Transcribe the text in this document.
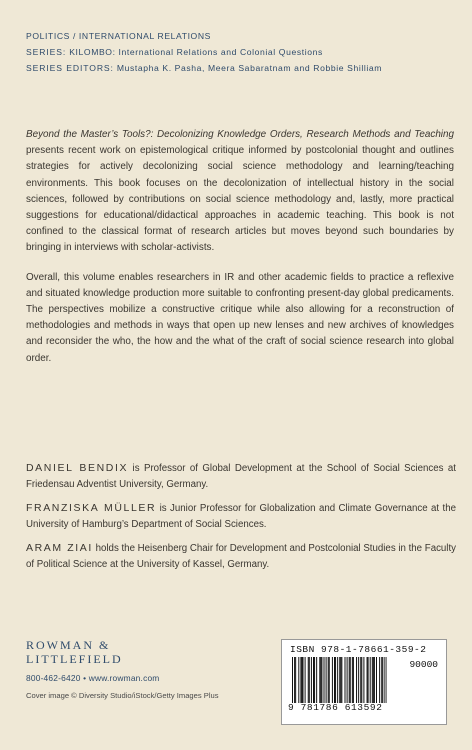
POLITICS / INTERNATIONAL RELATIONS
SERIES: KILOMBO: International Relations and Colonial Questions
SERIES EDITORS: Mustapha K. Pasha, Meera Sabaratnam and Robbie Shilliam

Beyond the Master’s Tools?: Decolonizing Knowledge Orders, Research Methods and Teaching presents recent work on epistemological critique informed by postcolonial thought and outlines strategies for actively decolonizing social science methodology and learning/teaching environments. This book focuses on the decolonization of intellectual history in the social sciences, followed by contributions on social science methodology and, lastly, more practical suggestions for educational/didactical approaches in academic teaching. This book is not confined to the classical format of research articles but moves beyond such boundaries by bringing in interviews with scholar-activists.

Overall, this volume enables researchers in IR and other academic fields to practice a reflexive and situated knowledge production more suitable to confronting present-day global predicaments. The perspectives mobilize a constructive critique while also allowing for a reconstruction of methodologies and methods in ways that open up new lenses and new archives of knowledges and reconsider the who, the how and the what of the craft of social science research into global order.

DANIEL BENDIX is Professor of Global Development at the School of Social Sciences at Friedensau Adventist University, Germany.
FRANZISKA MÜLLER is Junior Professor for Globalization and Climate Governance at the University of Hamburg’s Department of Social Sciences.
ARAM ZIAI holds the Heisenberg Chair for Development and Postcolonial Studies in the Faculty of Political Science at the University of Kassel, Germany.
ROWMAN &
LITTLEFIELD
800-462-6420 • www.rowman.com
Cover image © Diversity Studio/iStock/Getty Images Plus
ISBN 978-1-78661-359-2
90000
9 781786 613592
